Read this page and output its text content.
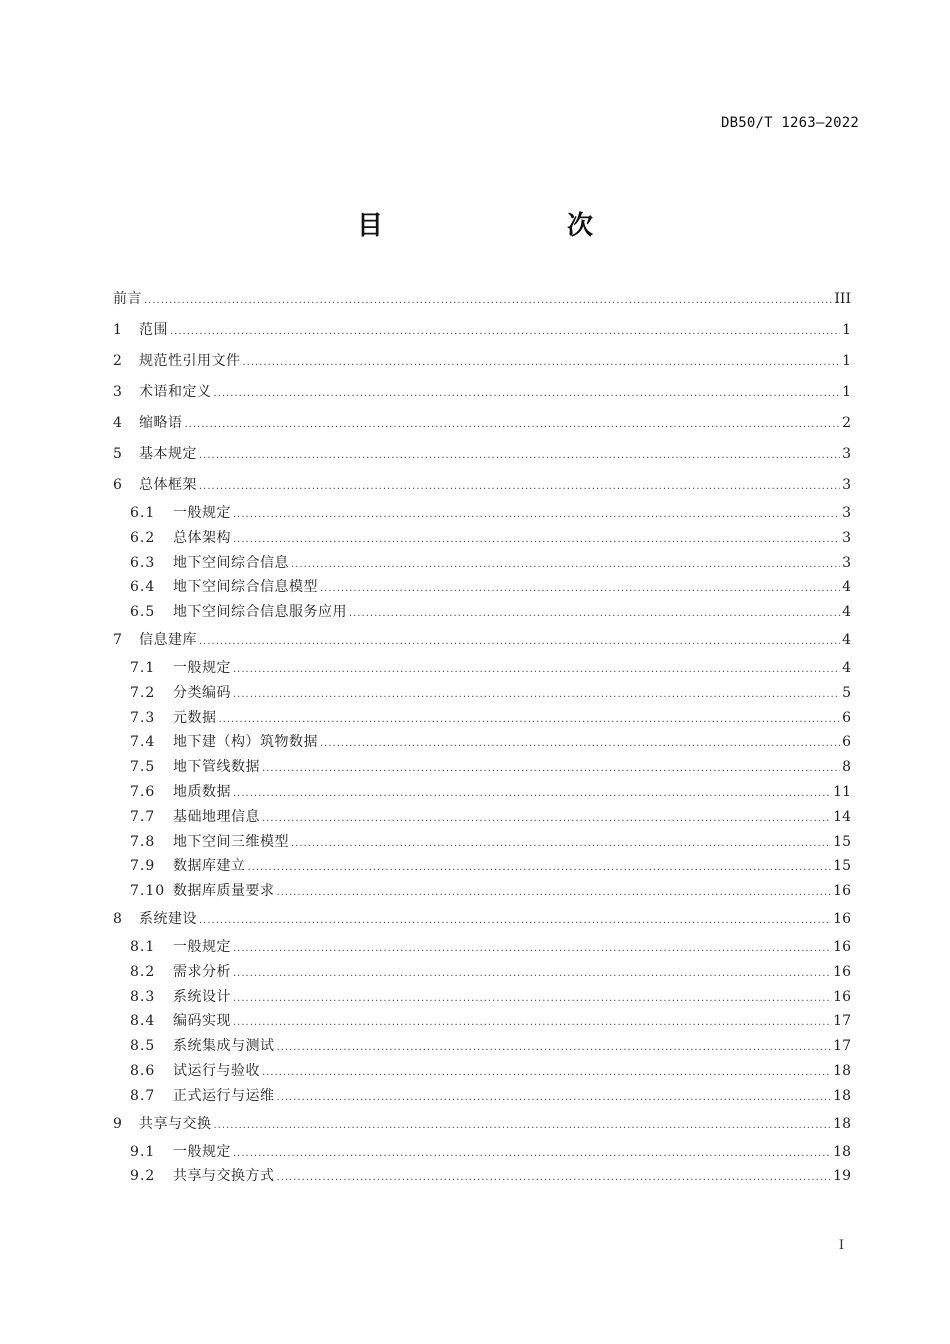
DB50/T 1263—2022
目　　次
前言 .....	III
1	范围 .....	1
2	规范性引用文件 .....	1
3	术语和定义 .....	1
4	缩略语 .....	2
5	基本规定 .....	3
6	总体框架 .....	3
6.1	一般规定 .....	3
6.2	总体架构 .....	3
6.3	地下空间综合信息 .....	3
6.4	地下空间综合信息模型 .....	4
6.5	地下空间综合信息服务应用 .....	4
7	信息建库 .....	4
7.1	一般规定 .....	4
7.2	分类编码 .....	5
7.3	元数据 .....	6
7.4	地下建（构）筑物数据 .....	6
7.5	地下管线数据 .....	8
7.6	地质数据 .....	11
7.7	基础地理信息 .....	14
7.8	地下空间三维模型 .....	15
7.9	数据库建立 .....	15
7.10 数据库质量要求 .....	16
8	系统建设 .....	16
8.1	一般规定 .....	16
8.2	需求分析 .....	16
8.3	系统设计 .....	16
8.4	编码实现 .....	17
8.5	系统集成与测试 .....	17
8.6	试运行与验收 .....	18
8.7	正式运行与运维 .....	18
9	共享与交换 .....	18
9.1	一般规定 .....	18
9.2	共享与交换方式 .....	19
I
